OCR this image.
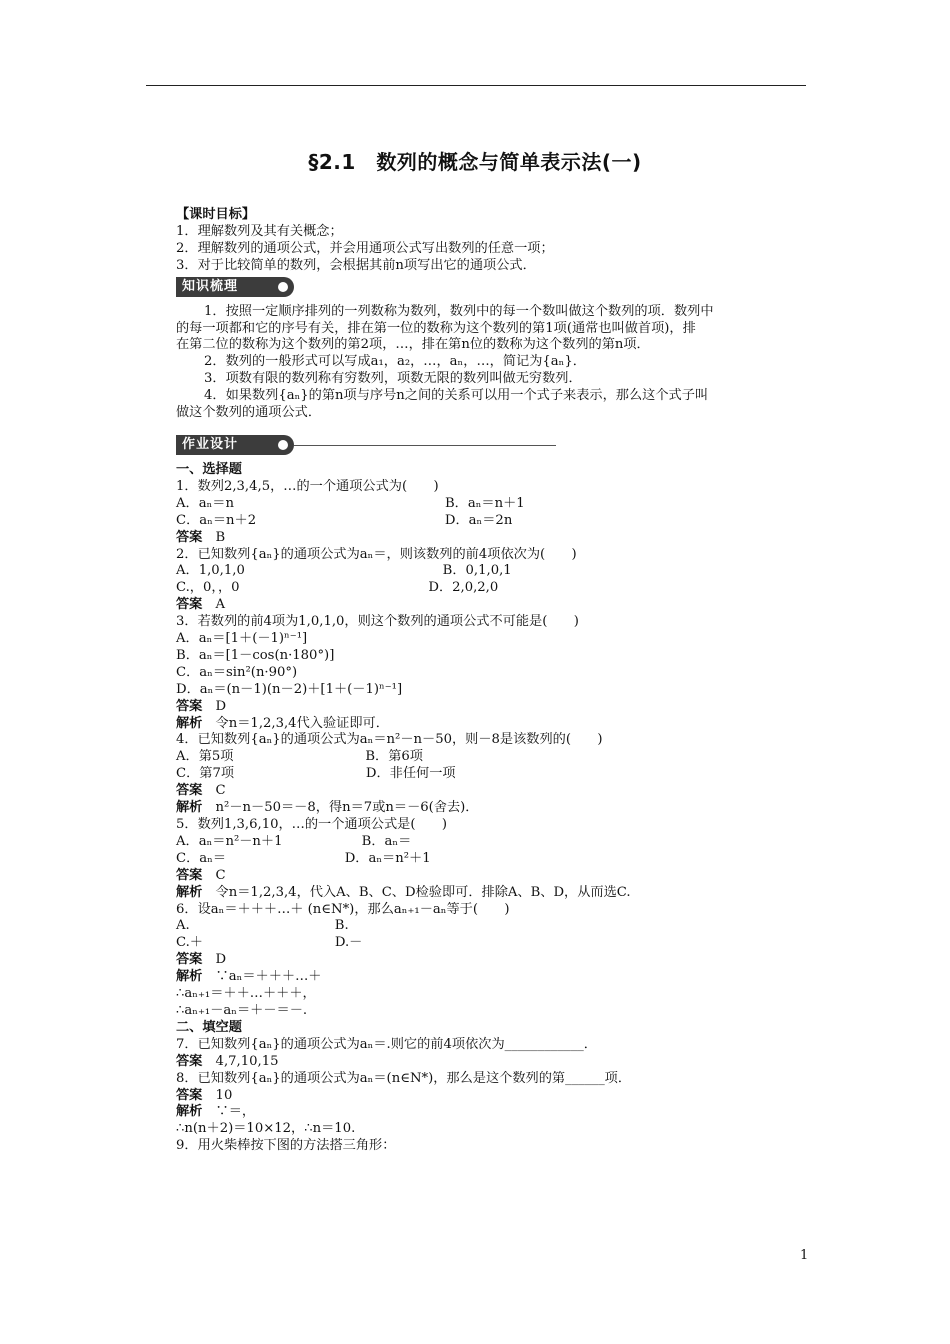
§2.1　数列的概念与简单表示法(一)

【课时目标】

1．理解数列及其有关概念；

2．理解数列的通项公式，并会用通项公式写出数列的任意一项；

3．对于比较简单的数列，会根据其前n项写出它的通项公式．

知识梳理

1．按照一定顺序排列的一列数称为数列，数列中的每一个数叫做这个数列的项．数列中

的每一项都和它的序号有关，排在第一位的数称为这个数列的第1项(通常也叫做首项)，排

在第二位的数称为这个数列的第2项，…，排在第n位的数称为这个数列的第n项．

2．数列的一般形式可以写成a₁，a₂，…，aₙ，…，简记为{aₙ}．

3．项数有限的数列称有穷数列，项数无限的数列叫做无穷数列．

4．如果数列{aₙ}的第n项与序号n之间的关系可以用一个式子来表示，那么这个式子叫

做这个数列的通项公式．

作业设计

一、选择题

1．数列2,3,4,5，…的一个通项公式为(　　)

A．aₙ＝n　　　　　　　　　　　　　　　　B．aₙ＝n＋1

C．aₙ＝n＋2　　　　　　　　　　　　　　 D．aₙ＝2n

答案　B

2．已知数列{aₙ}的通项公式为aₙ＝，则该数列的前4项依次为(　　)

A．1,0,1,0　　　　　　　　　　　　　　　B．0,1,0,1

C.，0，，0　　　　　　　　　　　　　　 D．2,0,2,0

答案　A

3．若数列的前4项为1,0,1,0，则这个数列的通项公式不可能是(　　)

A．aₙ＝[1＋(－1)ⁿ⁻¹]

B．aₙ＝[1－cos(n·180°)]

C．aₙ＝sin²(n·90°)

D．aₙ＝(n－1)(n－2)＋[1＋(－1)ⁿ⁻¹]

答案　D

解析　令n＝1,2,3,4代入验证即可．

4．已知数列{aₙ}的通项公式为aₙ＝n²－n－50，则－8是该数列的(　　)

A．第5项　　　　　　　　　　B．第6项

C．第7项　　　　　　　　　　D．非任何一项

答案　C

解析　n²－n－50＝－8，得n＝7或n＝－6(舍去)．

5．数列1,3,6,10，…的一个通项公式是(　　)

A．aₙ＝n²－n＋1　　　　　　B．aₙ＝

C．aₙ＝　　　　　　　　　D．aₙ＝n²＋1

答案　C

解析　令n＝1,2,3,4，代入A、B、C、D检验即可．排除A、B、D，从而选C.

6．设aₙ＝＋＋＋…＋ (n∈N*)，那么aₙ₊₁－aₙ等于(　　)

A.　　　　　　　　　　　B.

C.＋　　　　　　　　　　D.－

答案　D

解析　∵aₙ＝＋＋＋…＋

∴aₙ₊₁＝＋＋…＋＋＋，

∴aₙ₊₁－aₙ＝＋－＝－.

二、填空题

7．已知数列{aₙ}的通项公式为aₙ＝.则它的前4项依次为____________．

答案　4,7,10,15

8．已知数列{aₙ}的通项公式为aₙ＝(n∈N*)，那么是这个数列的第______项．

答案　10

解析　∵＝，

∴n(n＋2)＝10×12，∴n＝10.

9．用火柴棒按下图的方法搭三角形：

1
